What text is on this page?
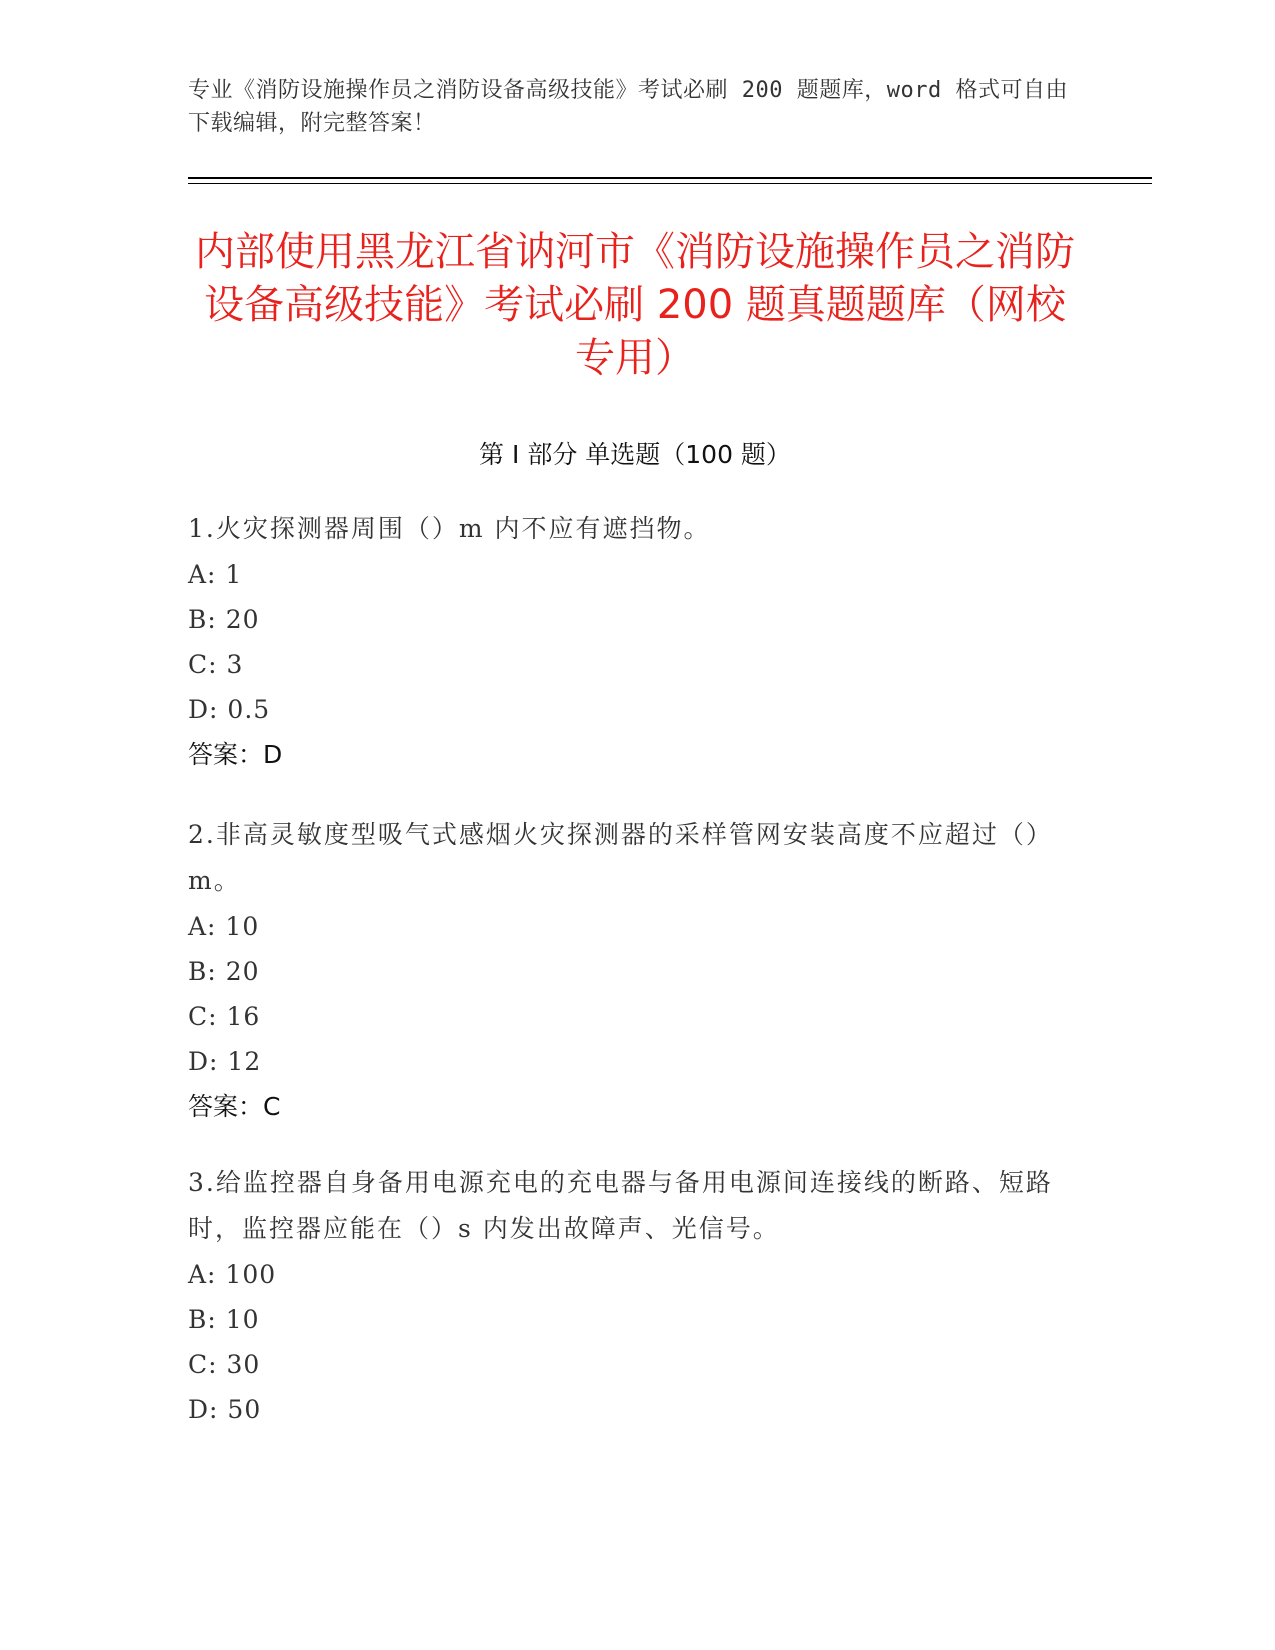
专业《消防设施操作员之消防设备高级技能》考试必刷 200 题题库，word 格式可自由下载编辑，附完整答案！
内部使用黑龙江省讷河市《消防设施操作员之消防设备高级技能》考试必刷 200 题真题题库（网校专用）
第 I 部分 单选题（100 题）
1.火灾探测器周围（）m 内不应有遮挡物。
A: 1
B: 20
C: 3
D: 0.5
答案：D
2.非高灵敏度型吸气式感烟火灾探测器的采样管网安装高度不应超过（）m。
A: 10
B: 20
C: 16
D: 12
答案：C
3.给监控器自身备用电源充电的充电器与备用电源间连接线的断路、短路时，监控器应能在（）s 内发出故障声、光信号。
A: 100
B: 10
C: 30
D: 50
